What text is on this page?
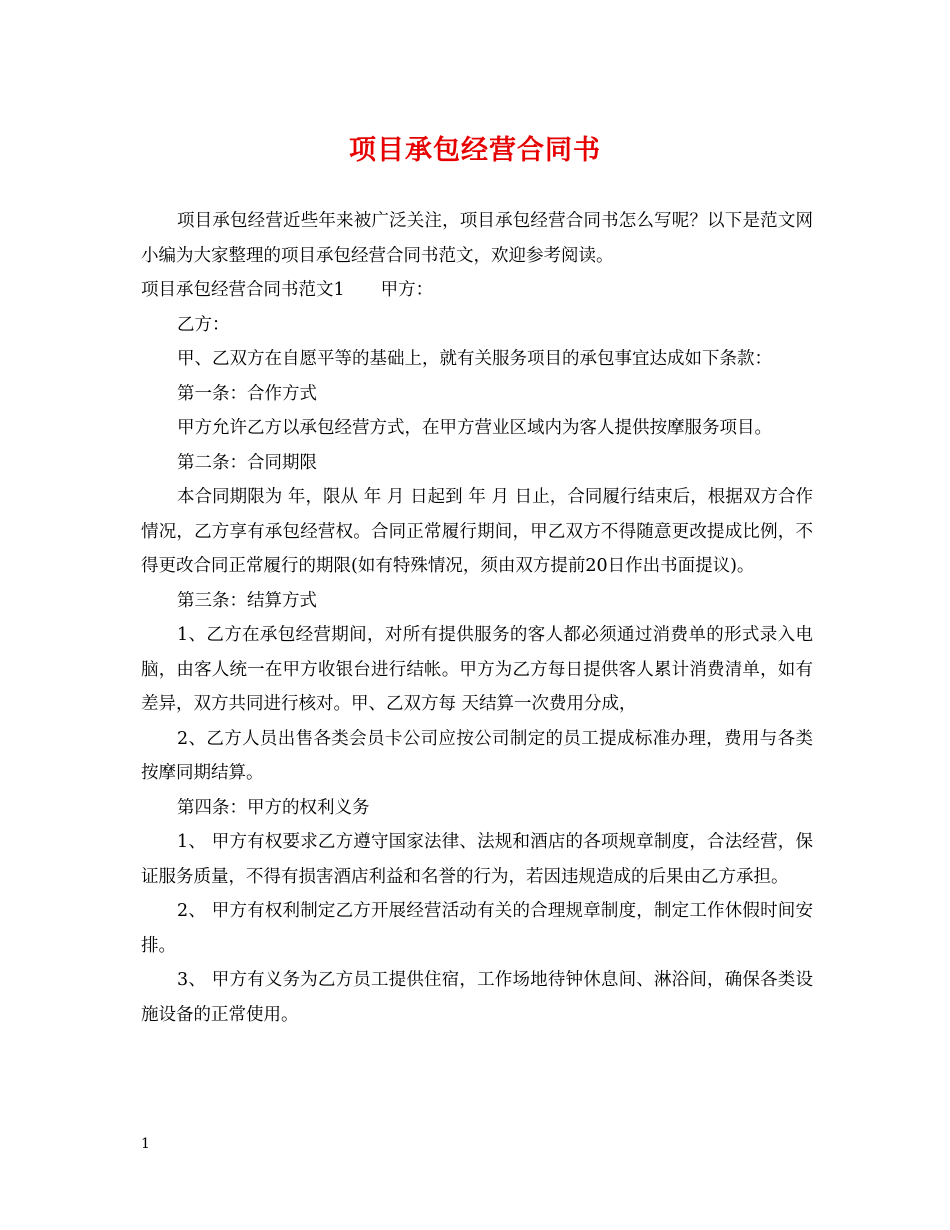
项目承包经营合同书

项目承包经营近些年来被广泛关注，项目承包经营合同书怎么写呢？以下是范文网小编为大家整理的项目承包经营合同书范文，欢迎参考阅读。

项目承包经营合同书范文1 甲方：

乙方：

甲、乙双方在自愿平等的基础上，就有关服务项目的承包事宜达成如下条款：

第一条：合作方式

甲方允许乙方以承包经营方式，在甲方营业区域内为客人提供按摩服务项目。

第二条：合同期限

本合同期限为 年，限从 年 月 日起到 年 月 日止，合同履行结束后，根据双方合作情况，乙方享有承包经营权。合同正常履行期间，甲乙双方不得随意更改提成比例，不得更改合同正常履行的期限(如有特殊情况，须由双方提前20日作出书面提议)。

第三条：结算方式

1、乙方在承包经营期间，对所有提供服务的客人都必须通过消费单的形式录入电脑，由客人统一在甲方收银台进行结帐。甲方为乙方每日提供客人累计消费清单，如有差异，双方共同进行核对。甲、乙双方每 天结算一次费用分成，

2、乙方人员出售各类会员卡公司应按公司制定的员工提成标准办理，费用与各类按摩同期结算。

第四条：甲方的权利义务

1、 甲方有权要求乙方遵守国家法律、法规和酒店的各项规章制度，合法经营，保证服务质量，不得有损害酒店利益和名誉的行为，若因违规造成的后果由乙方承担。

2、 甲方有权利制定乙方开展经营活动有关的合理规章制度，制定工作休假时间安排。

3、 甲方有义务为乙方员工提供住宿，工作场地待钟休息间、淋浴间，确保各类设施设备的正常使用。

1
